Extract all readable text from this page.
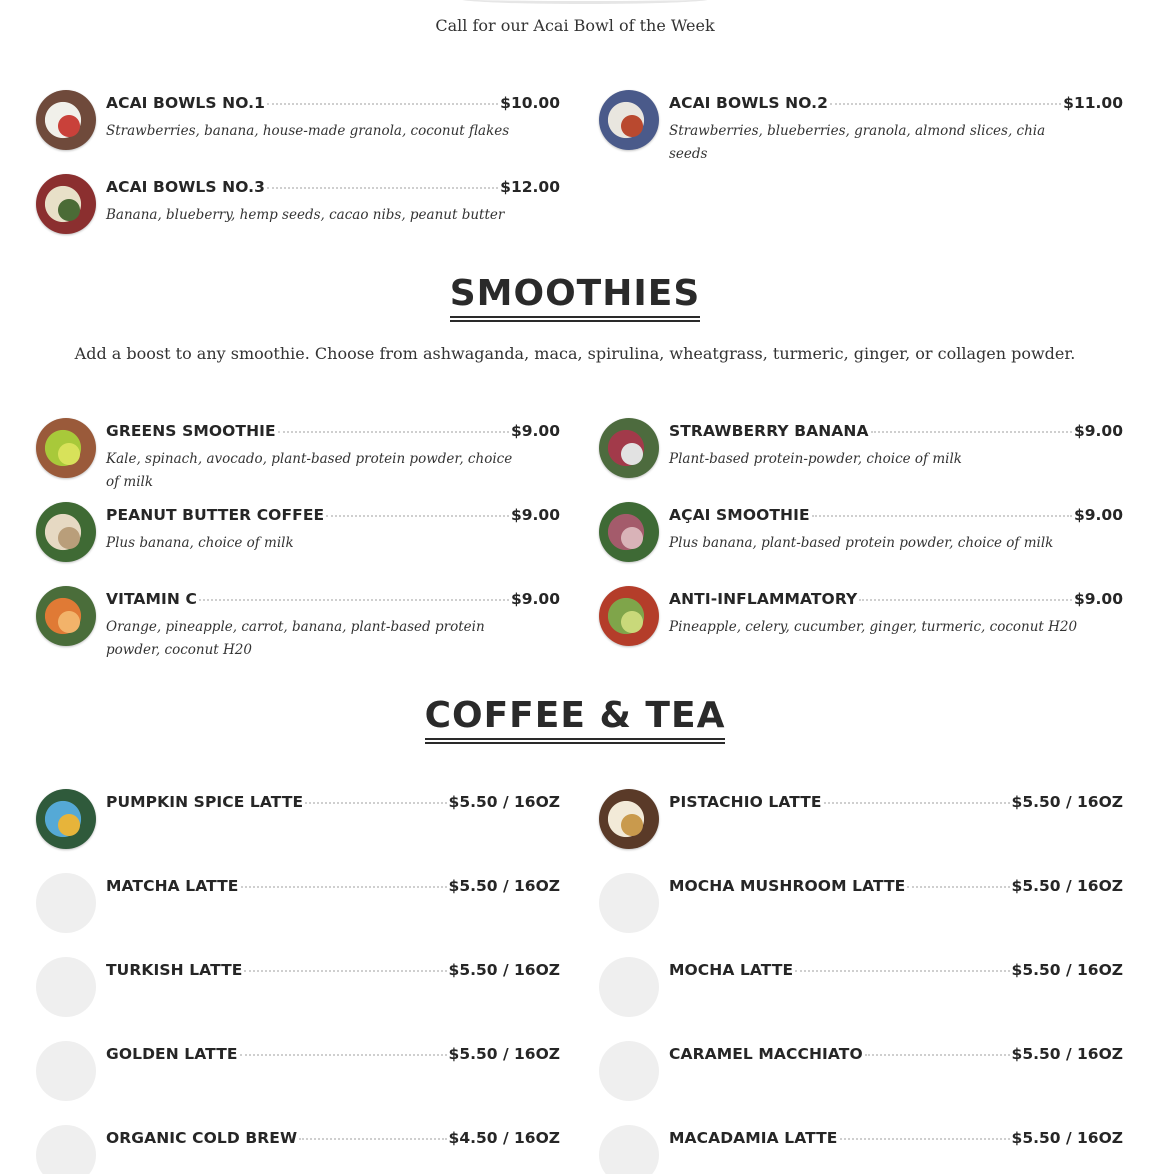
Call for our Acai Bowl of the Week
ACAI BOWLS NO.1	$10.00
Strawberries, banana, house-made granola, coconut flakes
ACAI BOWLS NO.2	$11.00
Strawberries, blueberries, granola, almond slices, chia seeds
ACAI BOWLS NO.3	$12.00
Banana, blueberry, hemp seeds, cacao nibs, peanut butter
SMOOTHIES
Add a boost to any smoothie. Choose from ashwaganda, maca, spirulina, wheatgrass, turmeric, ginger, or collagen powder.
GREENS SMOOTHIE	$9.00
Kale, spinach, avocado, plant-based protein powder, choice of milk
STRAWBERRY BANANA	$9.00
Plant-based protein-powder, choice of milk
PEANUT BUTTER COFFEE	$9.00
Plus banana, choice of milk
AÇAI SMOOTHIE	$9.00
Plus banana, plant-based protein powder, choice of milk
VITAMIN C	$9.00
Orange, pineapple, carrot, banana, plant-based protein powder, coconut H20
ANTI-INFLAMMATORY	$9.00
Pineapple, celery, cucumber, ginger, turmeric, coconut H20
COFFEE & TEA
PUMPKIN SPICE LATTE	$5.50 / 16OZ	PISTACHIO LATTE	$5.50 / 16OZ
MATCHA LATTE	$5.50 / 16OZ	MOCHA MUSHROOM LATTE	$5.50 / 16OZ
TURKISH LATTE	$5.50 / 16OZ	MOCHA LATTE	$5.50 / 16OZ
GOLDEN LATTE	$5.50 / 16OZ	CARAMEL MACCHIATO	$5.50 / 16OZ
ORGANIC COLD BREW	$4.50 / 16OZ	MACADAMIA LATTE	$5.50 / 16OZ
